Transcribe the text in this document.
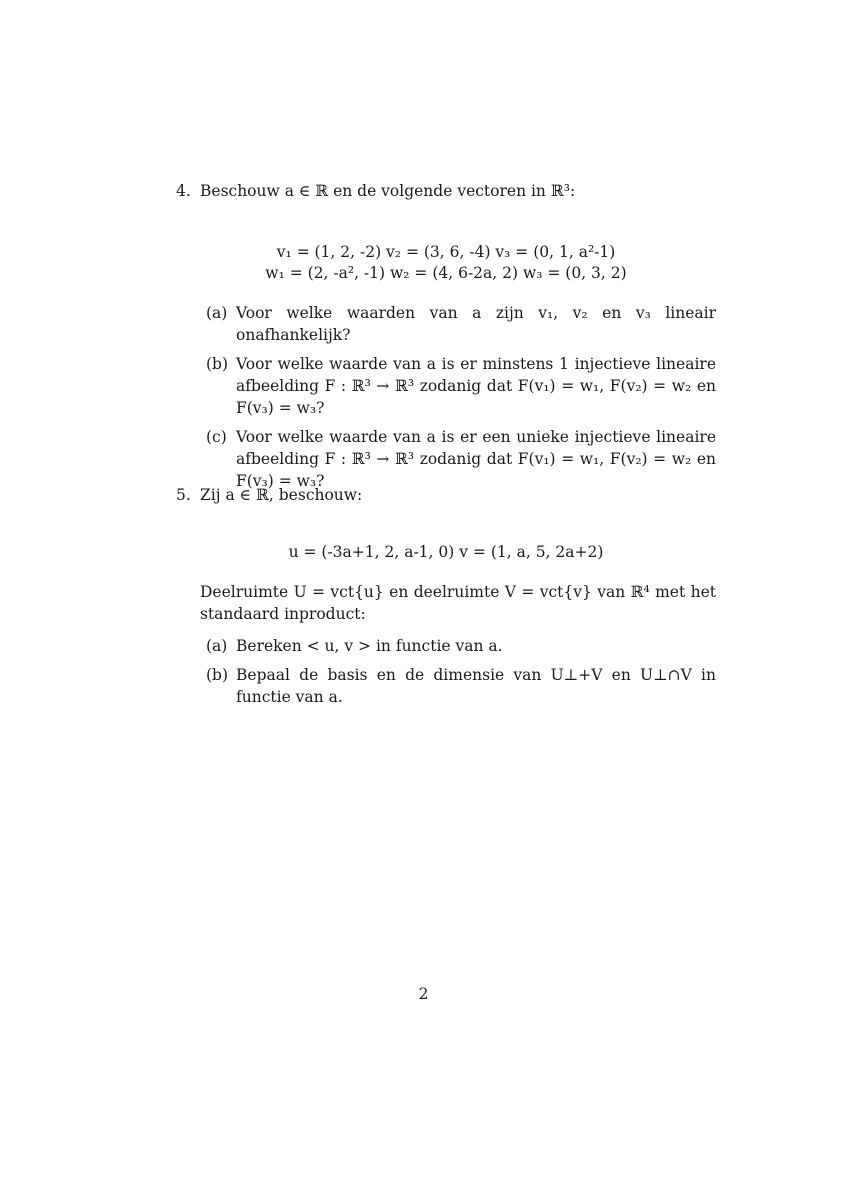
4. Beschouw a ∈ ℝ en de volgende vectoren in ℝ³:

v₁ = (1, 2, -2) v₂ = (3, 6, -4) v₃ = (0, 1, a²-1)

w₁ = (2, -a², -1) w₂ = (4, 6-2a, 2) w₃ = (0, 3, 2)

(a) Voor welke waarden van a zijn v₁, v₂ en v₃ lineair onafhankelijk?
(b) Voor welke waarde van a is er minstens 1 injectieve lineaire afbeelding F : ℝ³ → ℝ³ zodanig dat F(v₁) = w₁, F(v₂) = w₂ en F(v₃) = w₃?
(c) Voor welke waarde van a is er een unieke injectieve lineaire afbeelding F : ℝ³ → ℝ³ zodanig dat F(v₁) = w₁, F(v₂) = w₂ en F(v₃) = w₃?
5. Zij a ∈ ℝ, beschouw:

u = (-3a+1, 2, a-1, 0) v = (1, a, 5, 2a+2)

Deelruimte U = vct{u} en deelruimte V = vct{v} van ℝ⁴ met het standaard inproduct:
(a) Bereken < u, v > in functie van a.
(b) Bepaal de basis en de dimensie van U⊥+V en U⊥∩V in functie van a.
2
